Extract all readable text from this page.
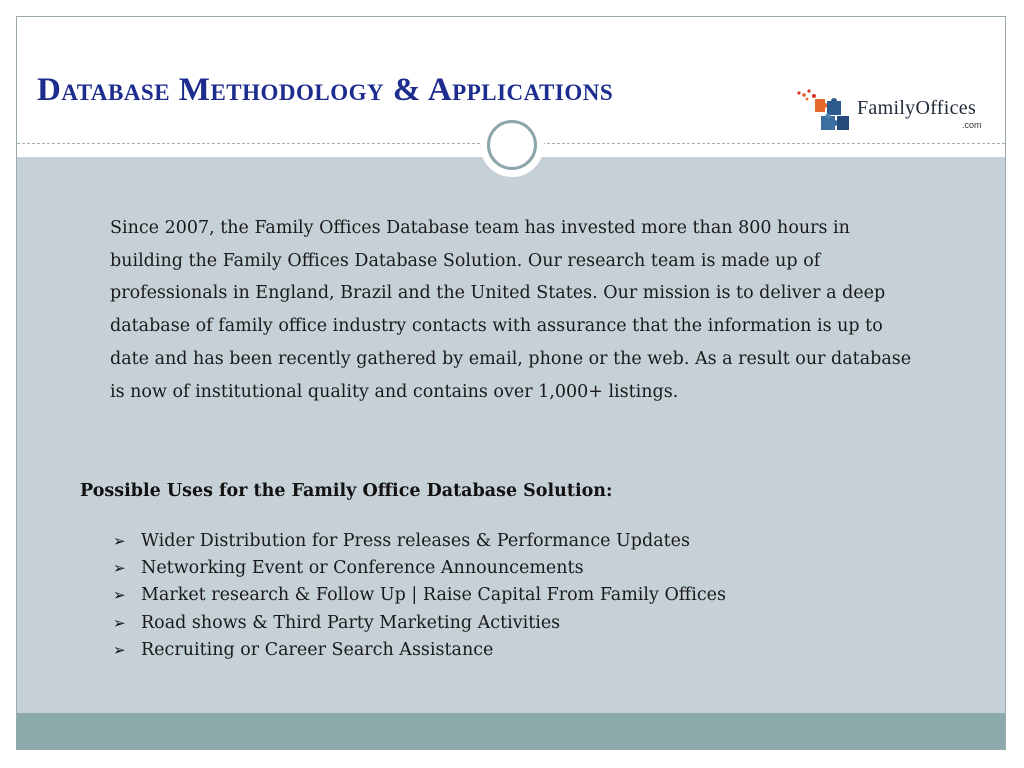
Database Methodology & Applications	FamilyOffices
.com

Since 2007, the Family Offices Database team has invested more than 800 hours in building the Family Offices Database Solution. Our research team is made up of professionals in England, Brazil and the United States. Our mission is to deliver a deep database of family office industry contacts with assurance that the information is up to date and has been recently gathered by email, phone or the web. As a result our database is now of institutional quality and contains over 1,000+ listings.

Possible Uses for the Family Office Database Solution:

➢ Wider Distribution for Press releases & Performance Updates
➢ Networking Event or Conference Announcements
➢ Market research & Follow Up | Raise Capital From Family Offices
➢ Road shows & Third Party Marketing Activities
➢ Recruiting or Career Search Assistance
